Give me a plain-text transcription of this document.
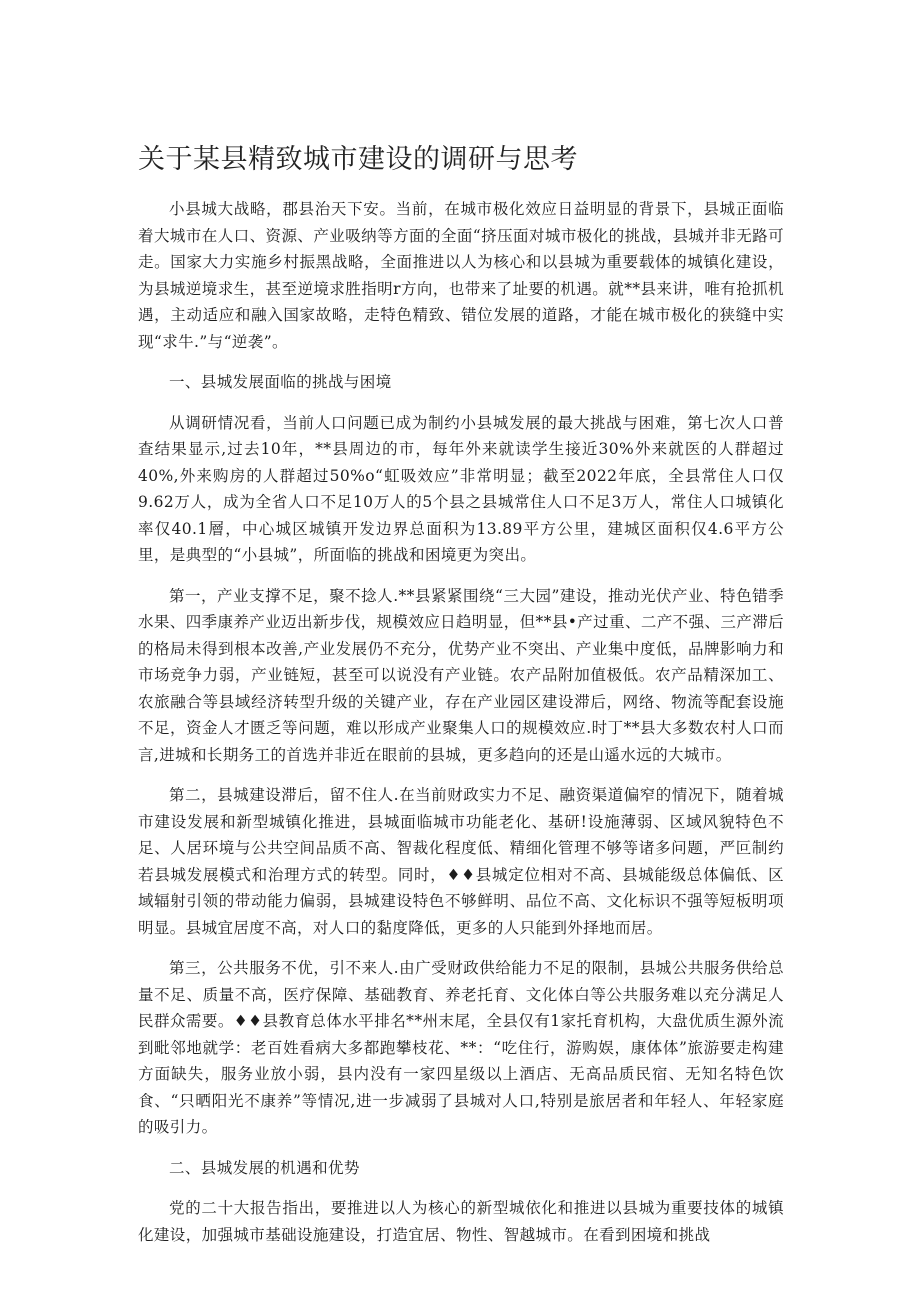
关于某县精致城市建设的调研与思考

小县城大战略，郡县治天下安。当前，在城市极化效应日益明显的背景下，县城正面临着大城市在人口、资源、产业吸纳等方面的全面“挤压面对城市极化的挑战，县城并非无路可走。国家大力实施乡村振黑战略，全面推进以人为核心和以县城为重要载体的城镇化建设，为县城逆境求生，甚至逆境求胜指明r方向，也带来了址要的机遇。就**县来讲，唯有抢抓机遇，主动适应和融入国家故略，走特色精致、错位发展的道路，才能在城市极化的狭缝中实现“求牛.”与“逆袭”。

一、县城发展面临的挑战与困境

从调研情况看，当前人口问题已成为制约小县城发展的最大挑战与困难，第七次人口普查结果显示,过去10年，**县周边的市，每年外来就读学生接近30%外来就医的人群超过40%,外来购房的人群超过50%o“虹吸效应”非常明显；截至2022年底，全县常住人口仅9.62万人，成为全省人口不足10万人的5个县之县城常住人口不足3万人，常住人口城镇化率仅40.1層，中心城区城镇开发边界总面积为13.89平方公里，建城区面积仅4.6平方公里，是典型的“小县城”，所面临的挑战和困境更为突出。

第一，产业支撑不足，聚不捻人.**县紧紧围绕“三大园”建设，推动光伏产业、特色错季水果、四季康养产业迈出新步伐，规模效应日趋明显，但**县•产过重、二产不强、三产滞后的格局未得到根本改善,产业发展仍不充分，优势产业不突出、产业集中度低，品牌影响力和市场竞争力弱，产业链短，甚至可以说没有产业链。农产品附加值极低。农产品精深加工、农旅融合等县域经济转型升级的关键产业，存在产业园区建设滞后，网络、物流等配套设施不足，资金人才匮乏等问题，难以形成产业聚集人口的规模效应.时丁**县大多数农村人口而言,进城和长期务工的首选并非近在眼前的县城，更多趋向的还是山遥水远的大城市。

第二，县城建设滞后，留不住人.在当前财政实力不足、融资渠道偏窄的情况下，随着城市建设发展和新型城镇化推进，县城面临城市功能老化、基研!设施薄弱、区域风貌特色不足、人居环境与公共空间品质不高、智裁化程度低、精细化管理不够等诸多问题，严叵制约若县城发展模式和治理方式的转型。同时，♦♦县城定位相对不高、县城能级总体偏低、区域辐射引领的带动能力偏弱，县城建设特色不够鲜明、品位不高、文化标识不强等短板明项明显。县城宜居度不高，对人口的黏度降低，更多的人只能到外择地而居。

第三，公共服务不优，引不来人.由广受财政供给能力不足的限制，县城公共服务供给总量不足、质量不高，医疗保障、基础教育、养老托育、文化体白等公共服务难以充分满足人民群众需要。♦♦县教育总体水平排名**州末尾，全县仅有1家托育机构，大盘优质生源外流到毗邻地就学：老百姓看病大多都跑攀枝花、**：“吃住行，游购娱，康体体”旅游要走构建方面缺失，服务业放小弱，县内没有一家四星级以上酒店、无高品质民宿、无知名特色饮食、“只晒阳光不康养”等情况,进一步减弱了县城对人口,特别是旅居者和年轻人、年轻家庭的吸引力。

二、县城发展的机遇和优势

党的二十大报告指出，要推进以人为核心的新型城依化和推进以县城为重要技体的城镇化建设，加强城市基础设施建设，打造宜居、物性、智越城市。在看到困境和挑战
